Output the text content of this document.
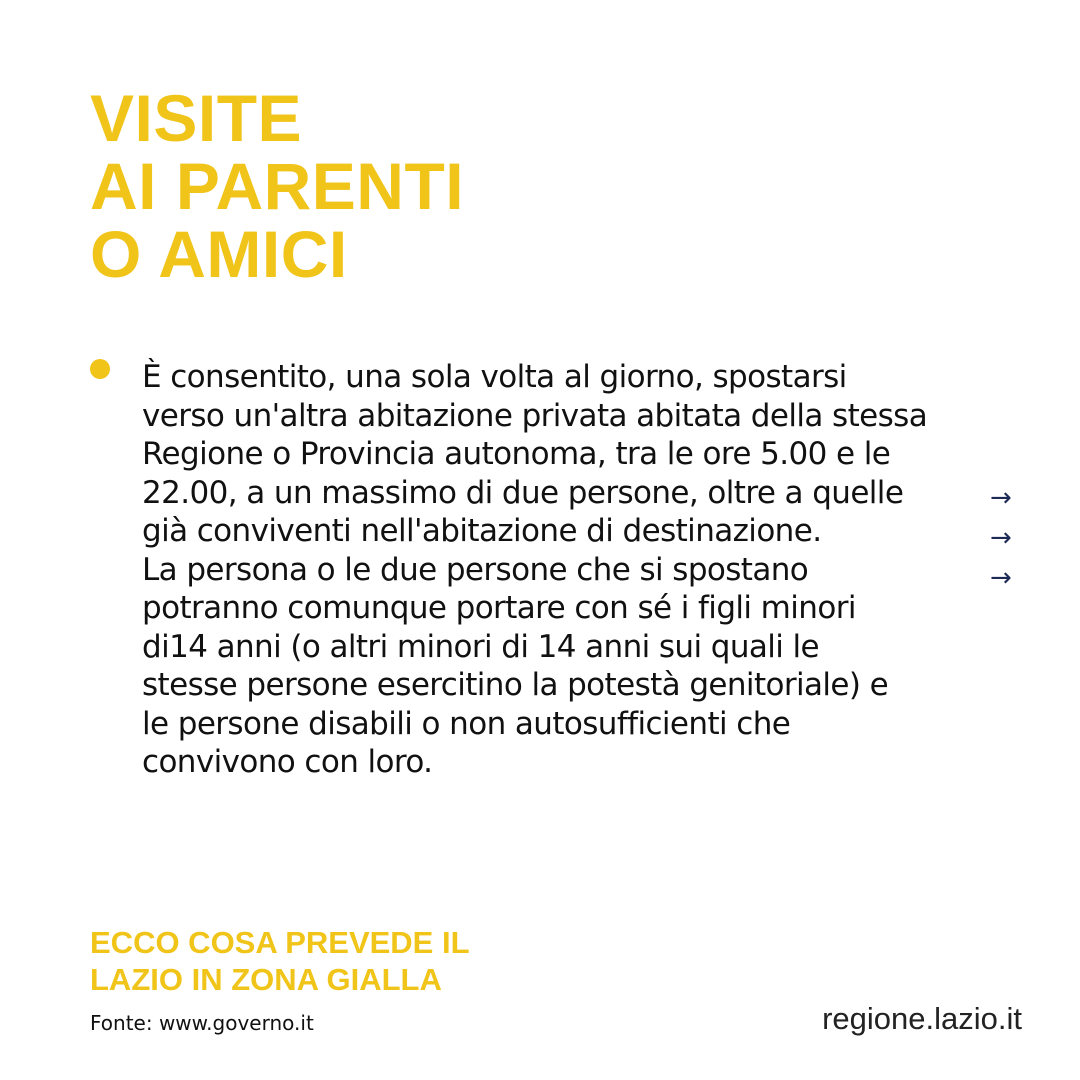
VISITE
AI PARENTI
O AMICI

È consentito, una sola volta al giorno, spostarsi
verso un'altra abitazione privata abitata della stessa
Regione o Provincia autonoma, tra le ore 5.00 e le
22.00, a un massimo di due persone, oltre a quelle
già conviventi nell'abitazione di destinazione.
La persona o le due persone che si spostano
potranno comunque portare con sé i figli minori
di14 anni (o altri minori di 14 anni sui quali le
stesse persone esercitino la potestà genitoriale) e
le persone disabili o non autosufficienti che
convivono con loro.

→
→
→
ECCO COSA PREVEDE IL
LAZIO IN ZONA GIALLA
Fonte: www.governo.it	regione.lazio.it
